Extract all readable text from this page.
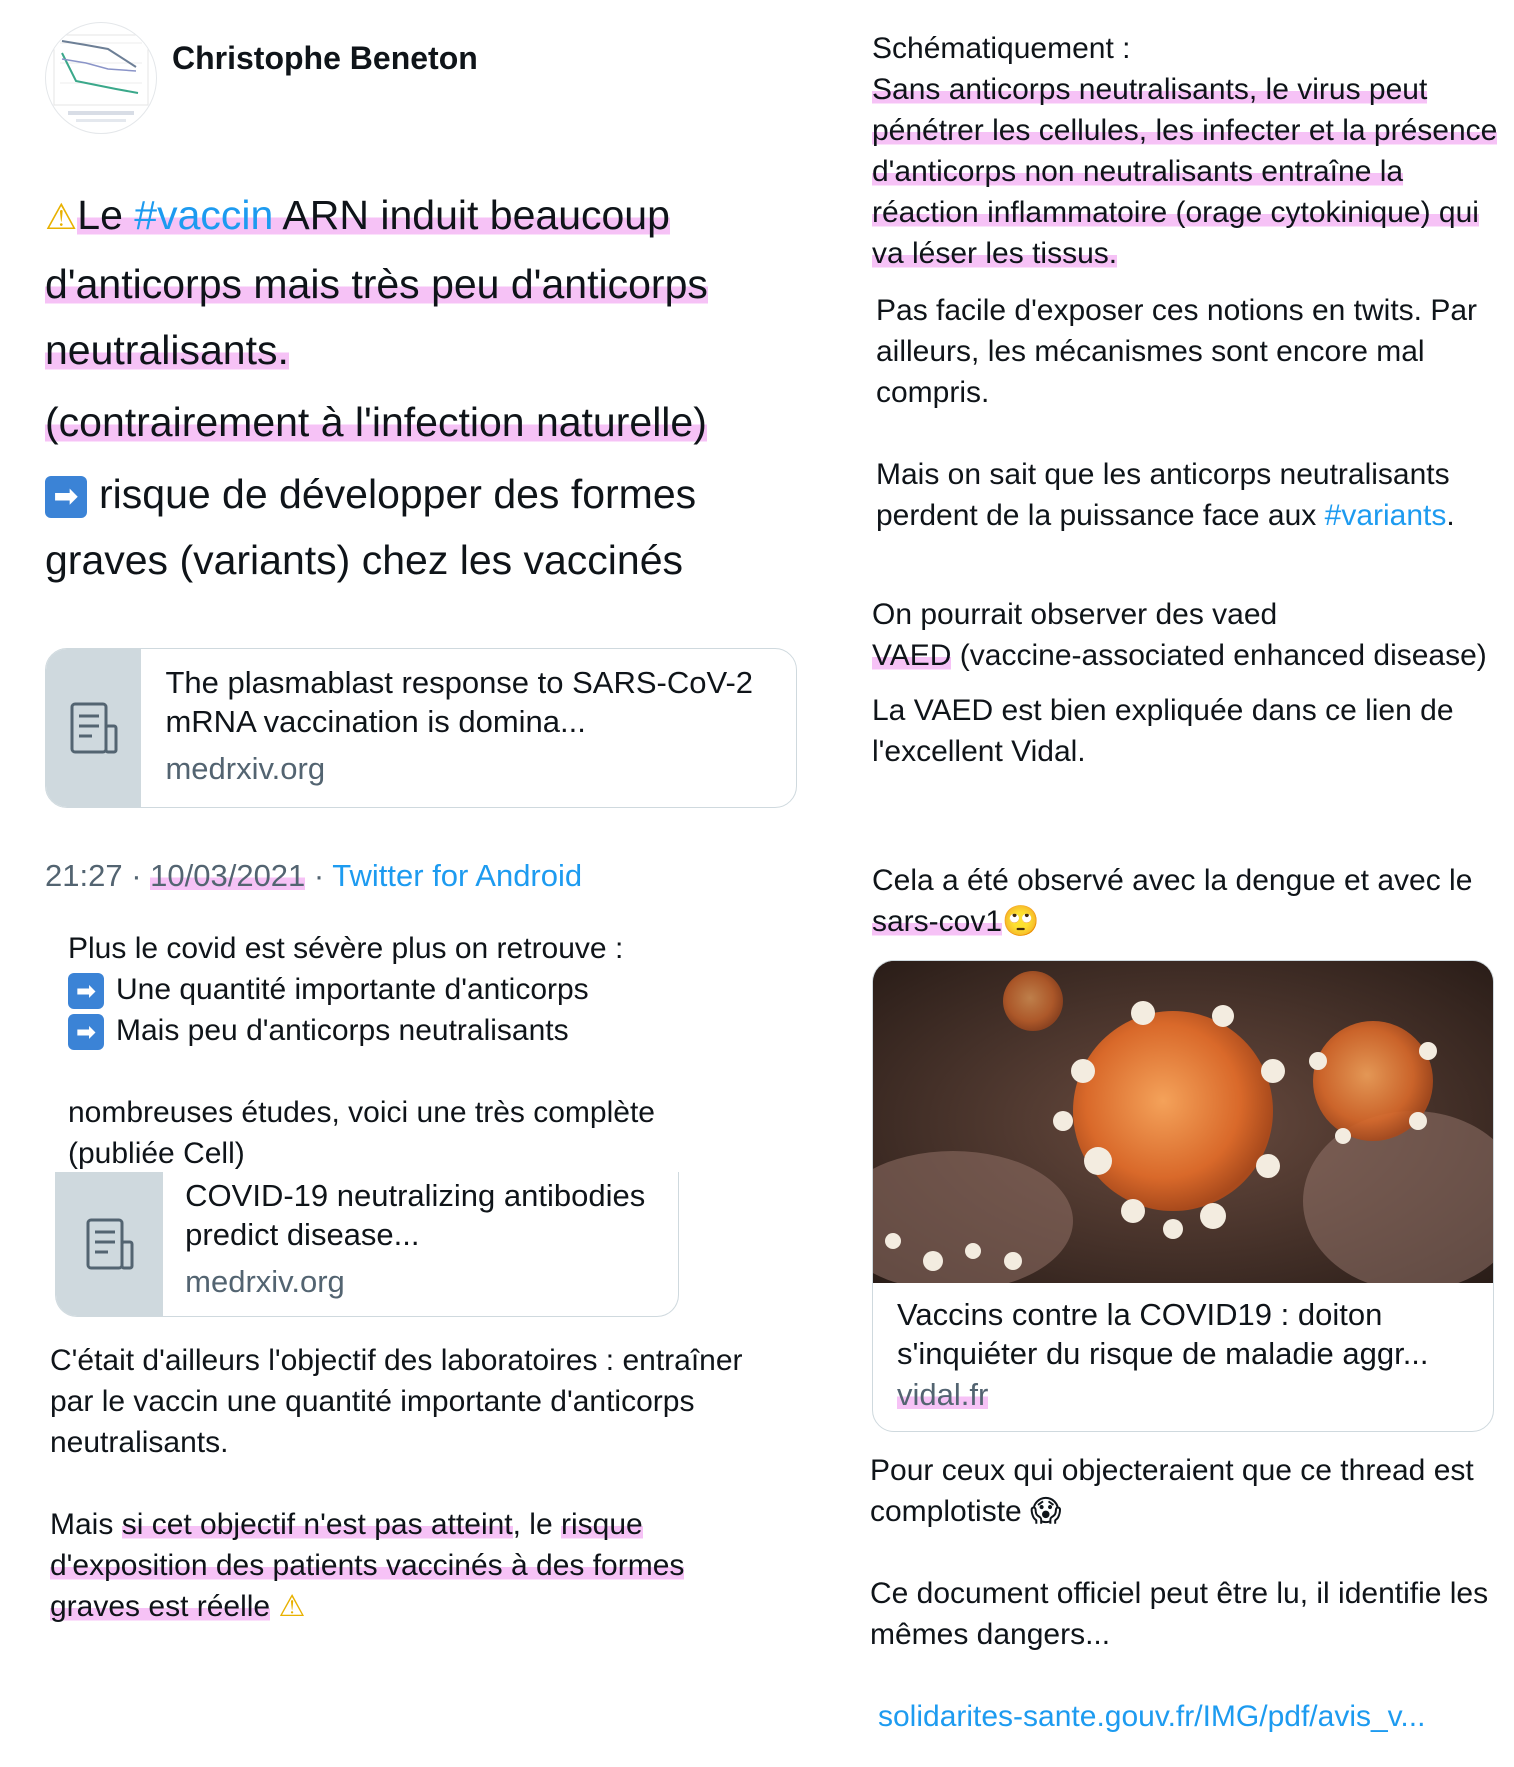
Christophe Beneton

⚠Le #vaccin ARN induit beaucoup d'anticorps mais très peu d'anticorps neutralisants.

(contrairement à l'infection naturelle)

➡ risque de développer des formes graves (variants) chez les vaccinés

The plasmablast response to SARS-CoV-2 mRNA vaccination is domina...
medrxiv.org
21:27 · 10/03/2021 · Twitter for Android

Plus le covid est sévère plus on retrouve :

➡ Une quantité importante d'anticorps

➡ Mais peu d'anticorps neutralisants

nombreuses études, voici une très complète (publiée Cell)

COVID-19 neutralizing antibodies predict disease...
medrxiv.org

C'était d'ailleurs l'objectif des laboratoires : entraîner par le vaccin une quantité importante d'anticorps neutralisants.

Mais si cet objectif n'est pas atteint, le risque d'exposition des patients vaccinés à des formes graves est réelle ⚠

Schématiquement :

Sans anticorps neutralisants, le virus peut pénétrer les cellules, les infecter et la présence d'anticorps non neutralisants entraîne la réaction inflammatoire (orage cytokinique) qui va léser les tissus.

Pas facile d'exposer ces notions en twits. Par ailleurs, les mécanismes sont encore mal compris.

Mais on sait que les anticorps neutralisants perdent de la puissance face aux #variants.

On pourrait observer des vaed

VAED (vaccine-associated enhanced disease)

La VAED est bien expliquée dans ce lien de l'excellent Vidal.

Cela a été observé avec la dengue et avec le sars-cov1🙄
Vaccins contre la COVID19 : doiton s'inquiéter du risque de maladie aggr...
vidal.fr

Pour ceux qui objecteraient que ce thread est complotiste 😱

Ce document officiel peut être lu, il identifie les mêmes dangers...

solidarites-sante.gouv.fr/IMG/pdf/avis_v...
